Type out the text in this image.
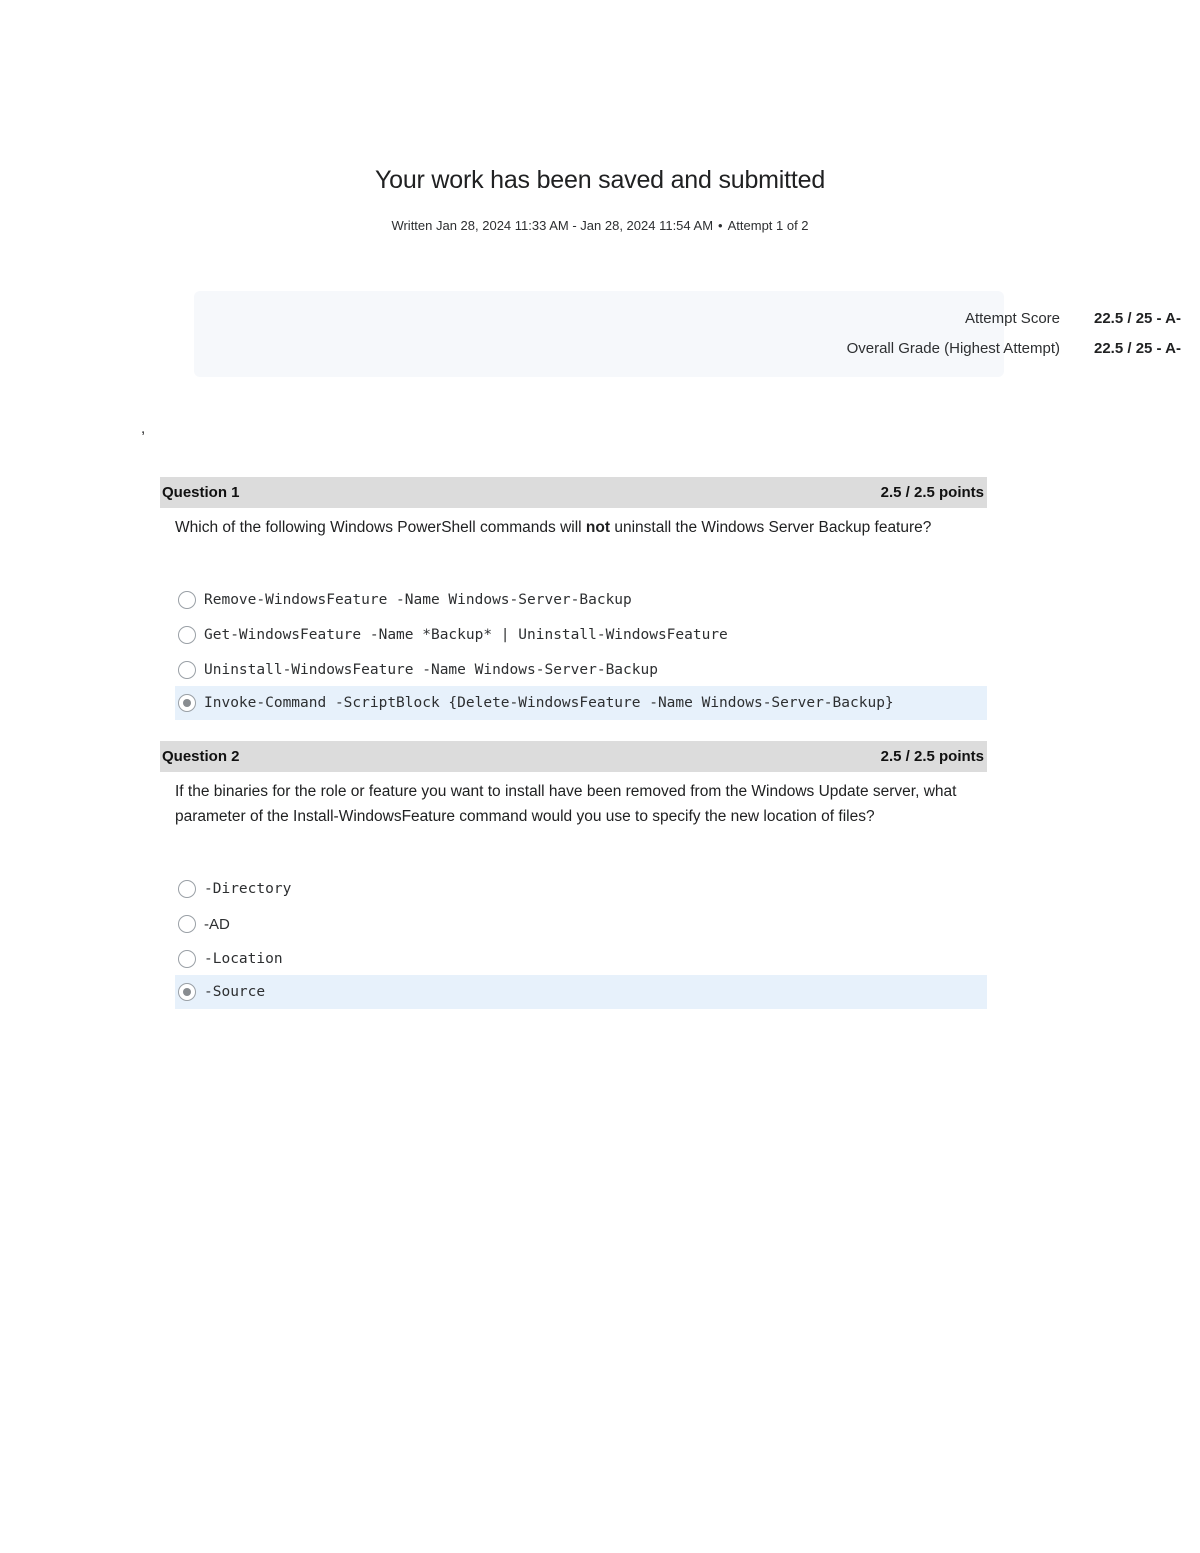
Your work has been saved and submitted
Written Jan 28, 2024 11:33 AM - Jan 28, 2024 11:54 AM • Attempt 1 of 2
Attempt Score 22.5 / 25 - A-
Overall Grade (Highest Attempt) 22.5 / 25 - A-
,
Question 1	2.5 / 2.5 points
Which of the following Windows PowerShell commands will not uninstall the Windows Server Backup feature?
Remove-WindowsFeature -Name Windows-Server-Backup
Get-WindowsFeature -Name *Backup* | Uninstall-WindowsFeature
Uninstall-WindowsFeature -Name Windows-Server-Backup
Invoke-Command -ScriptBlock {Delete-WindowsFeature -Name Windows-Server-Backup}
Question 2	2.5 / 2.5 points
If the binaries for the role or feature you want to install have been removed from the Windows Update server, what parameter of the Install-WindowsFeature command would you use to specify the new location of files?
-Directory
-AD
-Location
-Source
